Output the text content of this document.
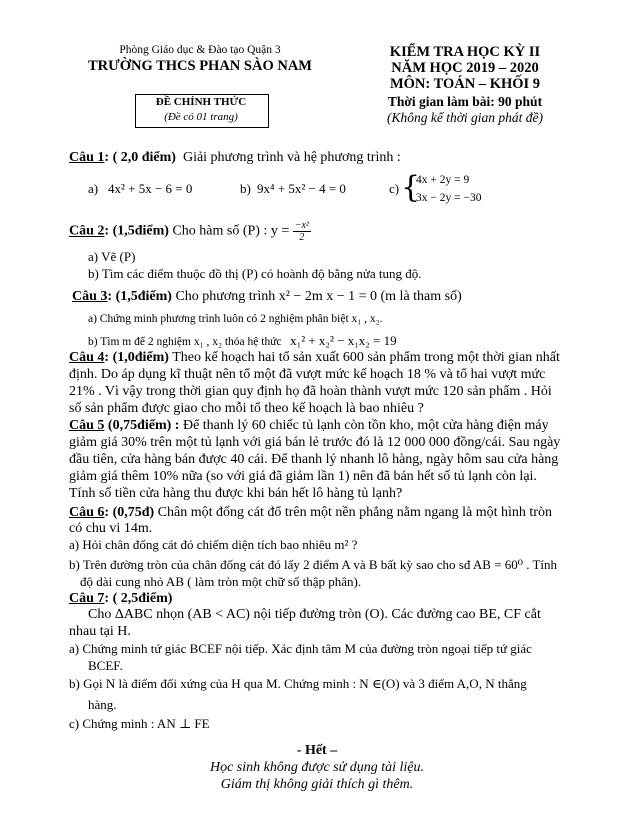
Phòng Giáo dục & Đào tạo Quận 3
TRƯỜNG THCS PHAN SÀO NAM
ĐỀ CHÍNH THỨC
(Đề có 01 trang)
KIỂM TRA HỌC KỲ II
NĂM HỌC 2019 – 2020
MÔN: TOÁN – KHỐI 9
Thời gian làm bài: 90 phút
(Không kể thời gian phát đề)
Câu 1: ( 2,0 điểm) Giải phương trình và hệ phương trình :
a) 4x² + 5x − 6 = 0	b) 9x⁴ + 5x² − 4 = 0	c) {
4x + 2y = 9
3x − 2y = −30
Câu 2: (1,5điểm) Cho hàm số (P) : $y = \frac{\text{−x²}}{2}$
a) Vẽ (P)
b) Tìm các điểm thuộc đồ thị (P) có hoành độ bằng nửa tung độ.
Câu 3: (1,5điểm) Cho phương trình x² − 2m x − 1 = 0 (m là tham số)
a) Chứng minh phương trình luôn có 2 nghiệm phân biệt x₁ , x₂.
b) Tìm m để 2 nghiệm x₁ , x₂ thỏa hệ thức x₁² + x₂² − x₁x₂ = 19
Câu 4: (1,0điểm) Theo kế hoạch hai tổ sản xuất 600 sản phẩm trong một thời gian nhất
định. Do áp dụng kĩ thuật nên tổ một đã vượt mức kế hoạch 18 % và tổ hai vượt mức
21% . Vì vậy trong thời gian quy định họ đã hoàn thành vượt mức 120 sản phẩm . Hỏi
số sản phẩm được giao cho mỗi tổ theo kế hoạch là bao nhiêu ?
Câu 5 (0,75điểm) : Để thanh lý 60 chiếc tủ lạnh còn tồn kho, một cửa hàng điện máy
giảm giá 30% trên một tủ lạnh với giá bán lẻ trước đó là 12 000 000 đồng/cái. Sau ngày
đầu tiên, cửa hàng bán được 40 cái. Để thanh lý nhanh lô hàng, ngày hôm sau cửa hàng
giảm giá thêm 10% nữa (so với giá đã giảm lần 1) nên đã bán hết số tủ lạnh còn lại.
Tính số tiền cửa hàng thu được khi bán hết lô hàng tủ lạnh?
Câu 6: (0,75đ) Chân một đống cát đổ trên một nền phẳng nằm ngang là một hình tròn
có chu vi 14m.
a) Hỏi chân đống cát đó chiếm diện tích bao nhiêu m² ?
b) Trên đường tròn của chân đống cát đó lấy 2 điểm A và B bất kỳ sao cho sđ AB = 60⁰ . Tính
độ dài cung nhỏ AB ( làm tròn một chữ số thập phân).
Câu 7: ( 2,5điểm)
Cho ΔABC nhọn (AB < AC) nội tiếp đường tròn (O). Các đường cao BE, CF cắt
nhau tại H.
a) Chứng minh tứ giác BCEF nội tiếp. Xác định tâm M của đường tròn ngoại tiếp tứ giác
BCEF.
b) Gọi N là điểm đối xứng của H qua M. Chứng minh : N ∈(O) và 3 điểm A,O, N thẳng
hàng.
c) Chứng minh : AN ⊥ FE
- Hết –
Học sinh không được sử dụng tài liệu.
Giám thị không giải thích gì thêm.
